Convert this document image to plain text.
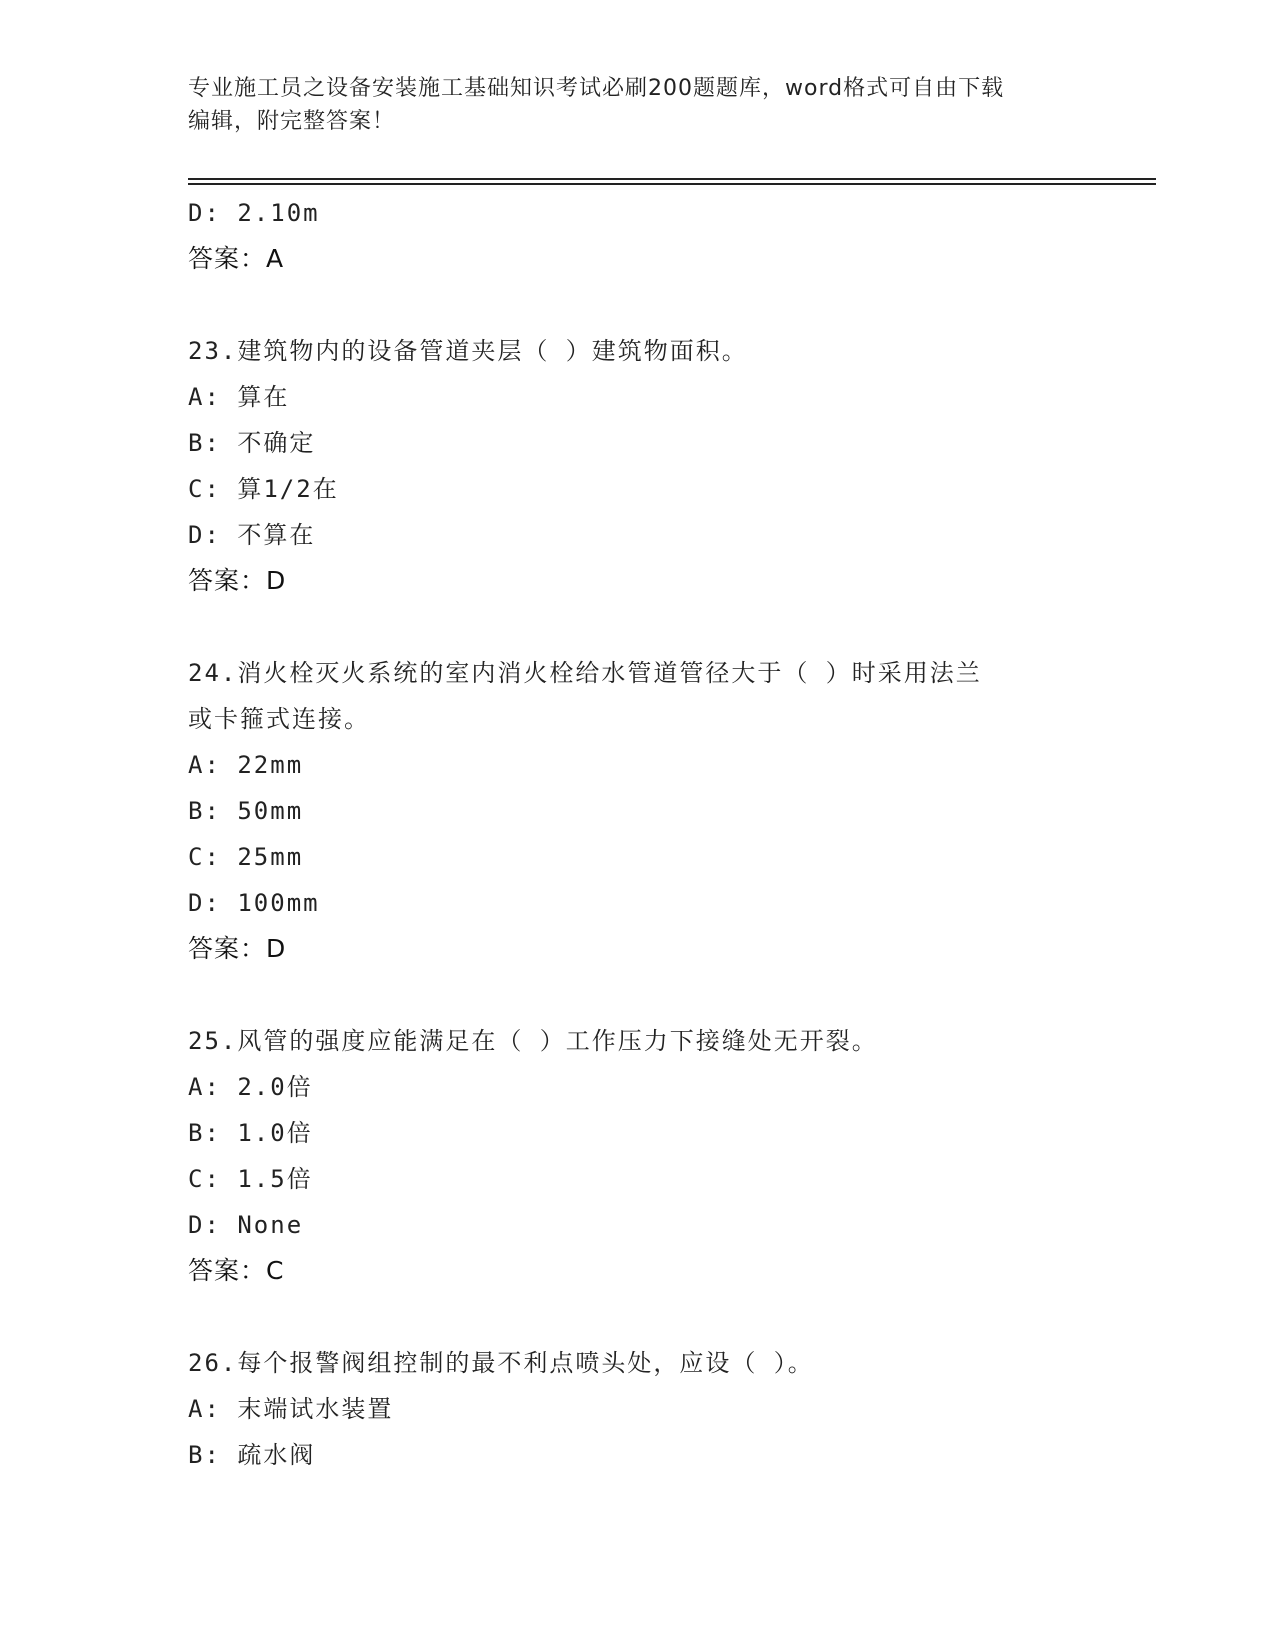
专业施工员之设备安装施工基础知识考试必刷200题题库，word格式可自由下载
编辑，附完整答案！
D: 2.10m
答案：A
23.建筑物内的设备管道夹层（ ）建筑物面积。
A: 算在
B: 不确定
C: 算1/2在
D: 不算在
答案：D
24.消火栓灭火系统的室内消火栓给水管道管径大于（ ）时采用法兰
或卡箍式连接。
A: 22mm
B: 50mm
C: 25mm
D: 100mm
答案：D
25.风管的强度应能满足在（ ）工作压力下接缝处无开裂。
A: 2.0倍
B: 1.0倍
C: 1.5倍
D: None
答案：C
26.每个报警阀组控制的最不利点喷头处，应设（ ）。
A: 末端试水装置
B: 疏水阀
